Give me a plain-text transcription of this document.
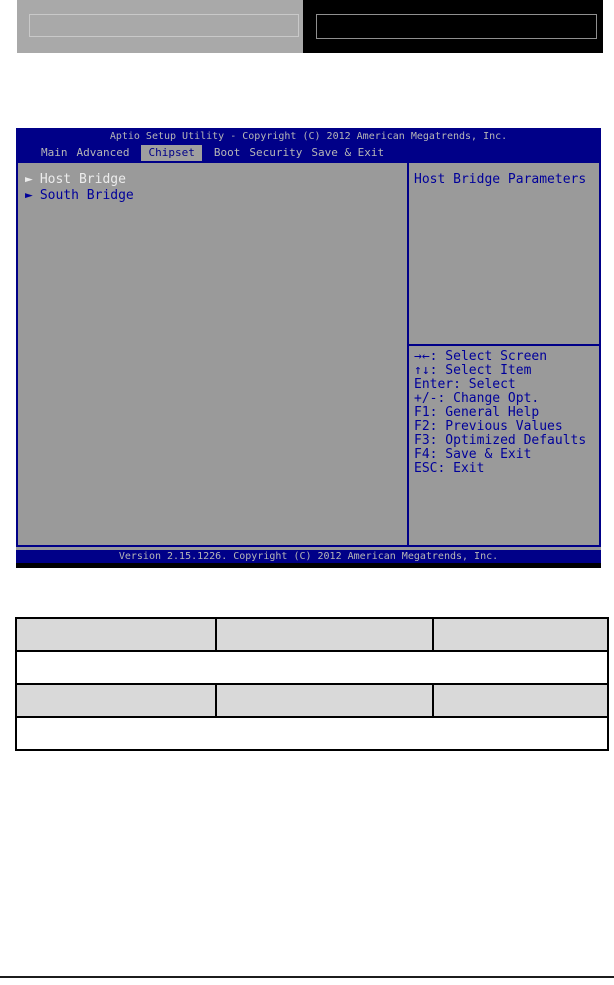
Aptio Setup Utility - Copyright (C) 2012 American Megatrends, Inc.
Main Advanced	Chipset	Boot Security Save & Exit
► Host Bridge
► South Bridge
Host Bridge Parameters
→←: Select Screen
↑↓: Select Item
Enter: Select
+/-: Change Opt.
F1: General Help
F2: Previous Values
F3: Optimized Defaults
F4: Save & Exit
ESC: Exit
Version 2.15.1226. Copyright (C) 2012 American Megatrends, Inc.
